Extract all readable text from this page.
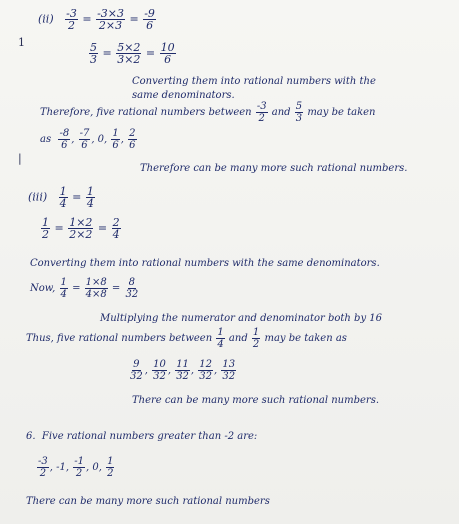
1
|
$(ii) \frac{-3}{2} = \frac{-3\times 3}{2\times 3} = \frac{-9}{6}$
$\frac{5}{3} = \frac{5\times 2}{3\times 2} = \frac{10}{6}$
Converting them into rational numbers with the
same denominators.
Therefore, five rational numbers between $\frac{-3}{2}$ and $\frac{5}{3}$ may be taken
as $\frac{-8}{6}$ , $\frac{-7}{6}$ , 0, $\frac{1}{6}$ , $\frac{2}{6}$
Therefore can be many more such rational numbers.
$(iii) \frac{1}{4} = \frac{1}{4}$
$\frac{1}{2} = \frac{1\times 2}{2\times 2} = \frac{2}{4}$
Converting them into rational numbers with the same denominators.
Now, $\frac{1}{4} = \frac{1\times 8}{4\times 8} = \frac{8}{32}$
Multiplying the numerator and denominator both by 16
Thus, five rational numbers between $\frac{1}{4}$ and $\frac{1}{2}$ may be taken as
$\frac{9}{32}$ , $\frac{10}{32}$ , $\frac{11}{32}$ , $\frac{12}{32}$ , $\frac{13}{32}$
There can be many more such rational numbers.
6. Five rational numbers greater than -2 are:
$\frac{-3}{2}$ , -1, $\frac{-1}{2}$ , 0, $\frac{1}{2}$
There can be many more such rational numbers
